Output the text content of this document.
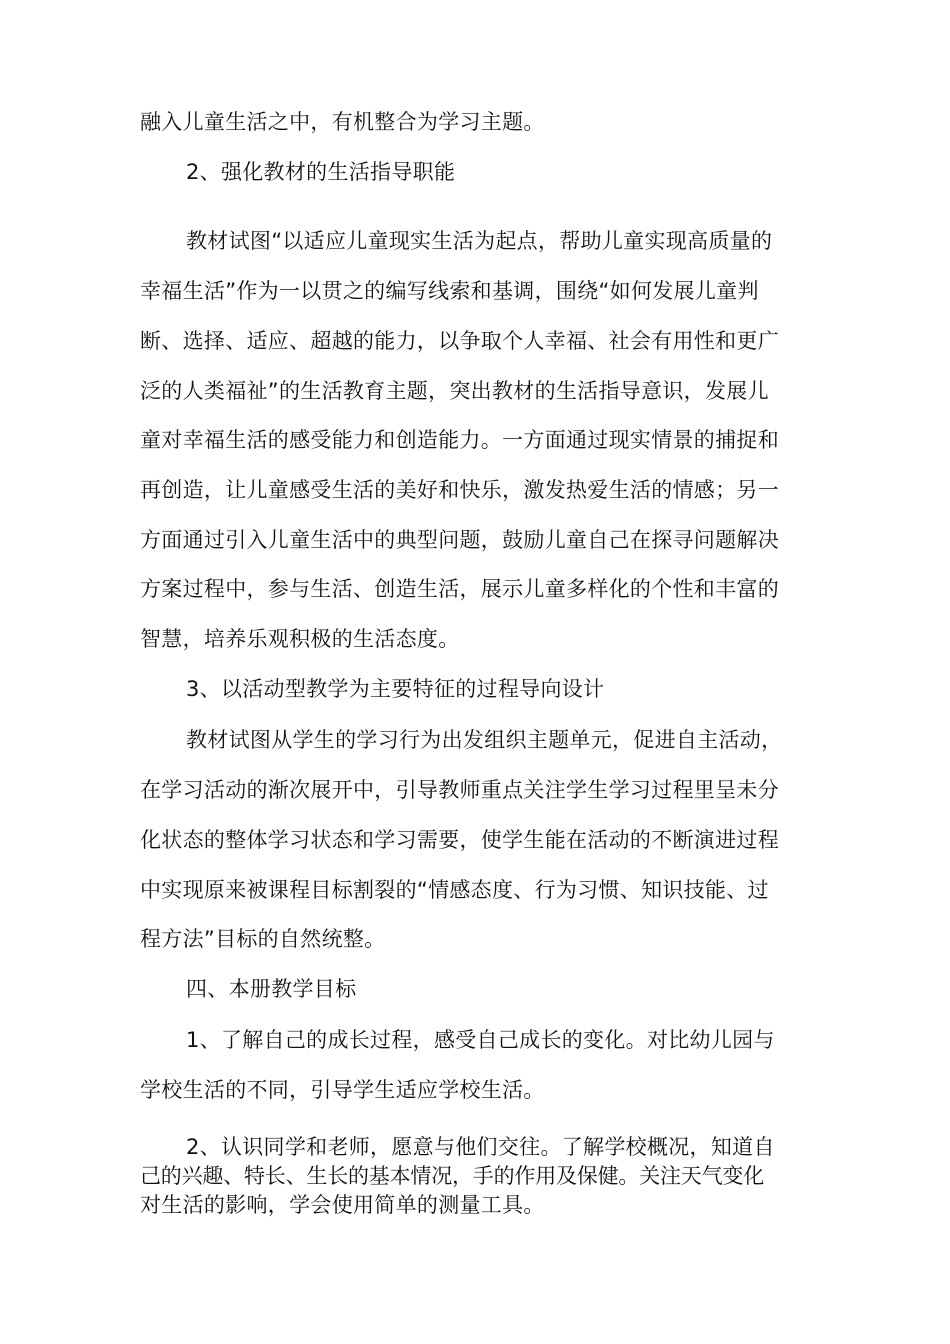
融入儿童生活之中，有机整合为学习主题。
2、强化教材的生活指导职能
教材试图“以适应儿童现实生活为起点，帮助儿童实现高质量的
幸福生活”作为一以贯之的编写线索和基调，围绕“如何发展儿童判
断、选择、适应、超越的能力，以争取个人幸福、社会有用性和更广
泛的人类福祉”的生活教育主题，突出教材的生活指导意识，发展儿
童对幸福生活的感受能力和创造能力。一方面通过现实情景的捕捉和
再创造，让儿童感受生活的美好和快乐，激发热爱生活的情感；另一
方面通过引入儿童生活中的典型问题，鼓励儿童自己在探寻问题解决
方案过程中，参与生活、创造生活，展示儿童多样化的个性和丰富的
智慧，培养乐观积极的生活态度。
3、以活动型教学为主要特征的过程导向设计
教材试图从学生的学习行为出发组织主题单元，促进自主活动，
在学习活动的渐次展开中，引导教师重点关注学生学习过程里呈未分
化状态的整体学习状态和学习需要，使学生能在活动的不断演进过程
中实现原来被课程目标割裂的“情感态度、行为习惯、知识技能、过
程方法”目标的自然统整。
四、本册教学目标
1、了解自己的成长过程，感受自己成长的变化。对比幼儿园与
学校生活的不同，引导学生适应学校生活。
2、认识同学和老师，愿意与他们交往。了解学校概况，知道自
己的兴趣、特长、生长的基本情况，手的作用及保健。关注天气变化
对生活的影响，学会使用简单的测量工具。
